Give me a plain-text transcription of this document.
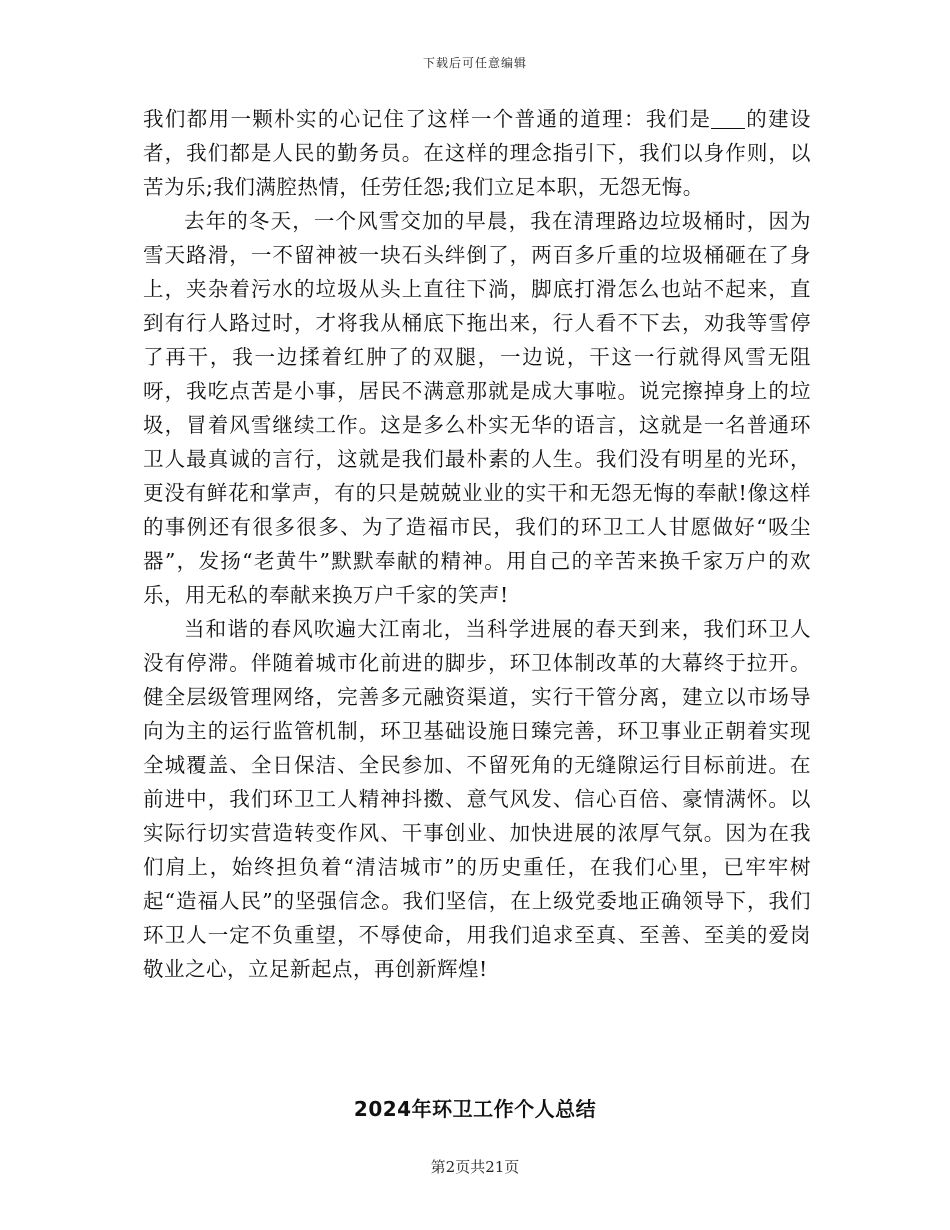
下载后可任意编辑

我们都用一颗朴实的心记住了这样一个普通的道理：我们是 的建设者，我们都是人民的勤务员。在这样的理念指引下，我们以身作则，以苦为乐;我们满腔热情，任劳任怨;我们立足本职，无怨无悔。

去年的冬天，一个风雪交加的早晨，我在清理路边垃圾桶时，因为雪天路滑，一不留神被一块石头绊倒了，两百多斤重的垃圾桶砸在了身上，夹杂着污水的垃圾从头上直往下淌，脚底打滑怎么也站不起来，直到有行人路过时，才将我从桶底下拖出来，行人看不下去，劝我等雪停了再干，我一边揉着红肿了的双腿，一边说，干这一行就得风雪无阻呀，我吃点苦是小事，居民不满意那就是成大事啦。说完擦掉身上的垃圾，冒着风雪继续工作。这是多么朴实无华的语言，这就是一名普通环卫人最真诚的言行，这就是我们最朴素的人生。我们没有明星的光环，更没有鲜花和掌声，有的只是兢兢业业的实干和无怨无悔的奉献!像这样的事例还有很多很多、为了造福市民，我们的环卫工人甘愿做好“吸尘器”，发扬“老黄牛”默默奉献的精神。用自己的辛苦来换千家万户的欢乐，用无私的奉献来换万户千家的笑声!

当和谐的春风吹遍大江南北，当科学进展的春天到来，我们环卫人没有停滞。伴随着城市化前进的脚步，环卫体制改革的大幕终于拉开。健全层级管理网络，完善多元融资渠道，实行干管分离，建立以市场导向为主的运行监管机制，环卫基础设施日臻完善，环卫事业正朝着实现全城覆盖、全日保洁、全民参加、不留死角的无缝隙运行目标前进。在前进中，我们环卫工人精神抖擞、意气风发、信心百倍、豪情满怀。以实际行切实营造转变作风、干事创业、加快进展的浓厚气氛。因为在我们肩上，始终担负着“清洁城市”的历史重任，在我们心里，已牢牢树起“造福人民”的坚强信念。我们坚信，在上级党委地正确领导下，我们环卫人一定不负重望，不辱使命，用我们追求至真、至善、至美的爱岗敬业之心，立足新起点，再创新辉煌!

2024年环卫工作个人总结
第2页共21页
